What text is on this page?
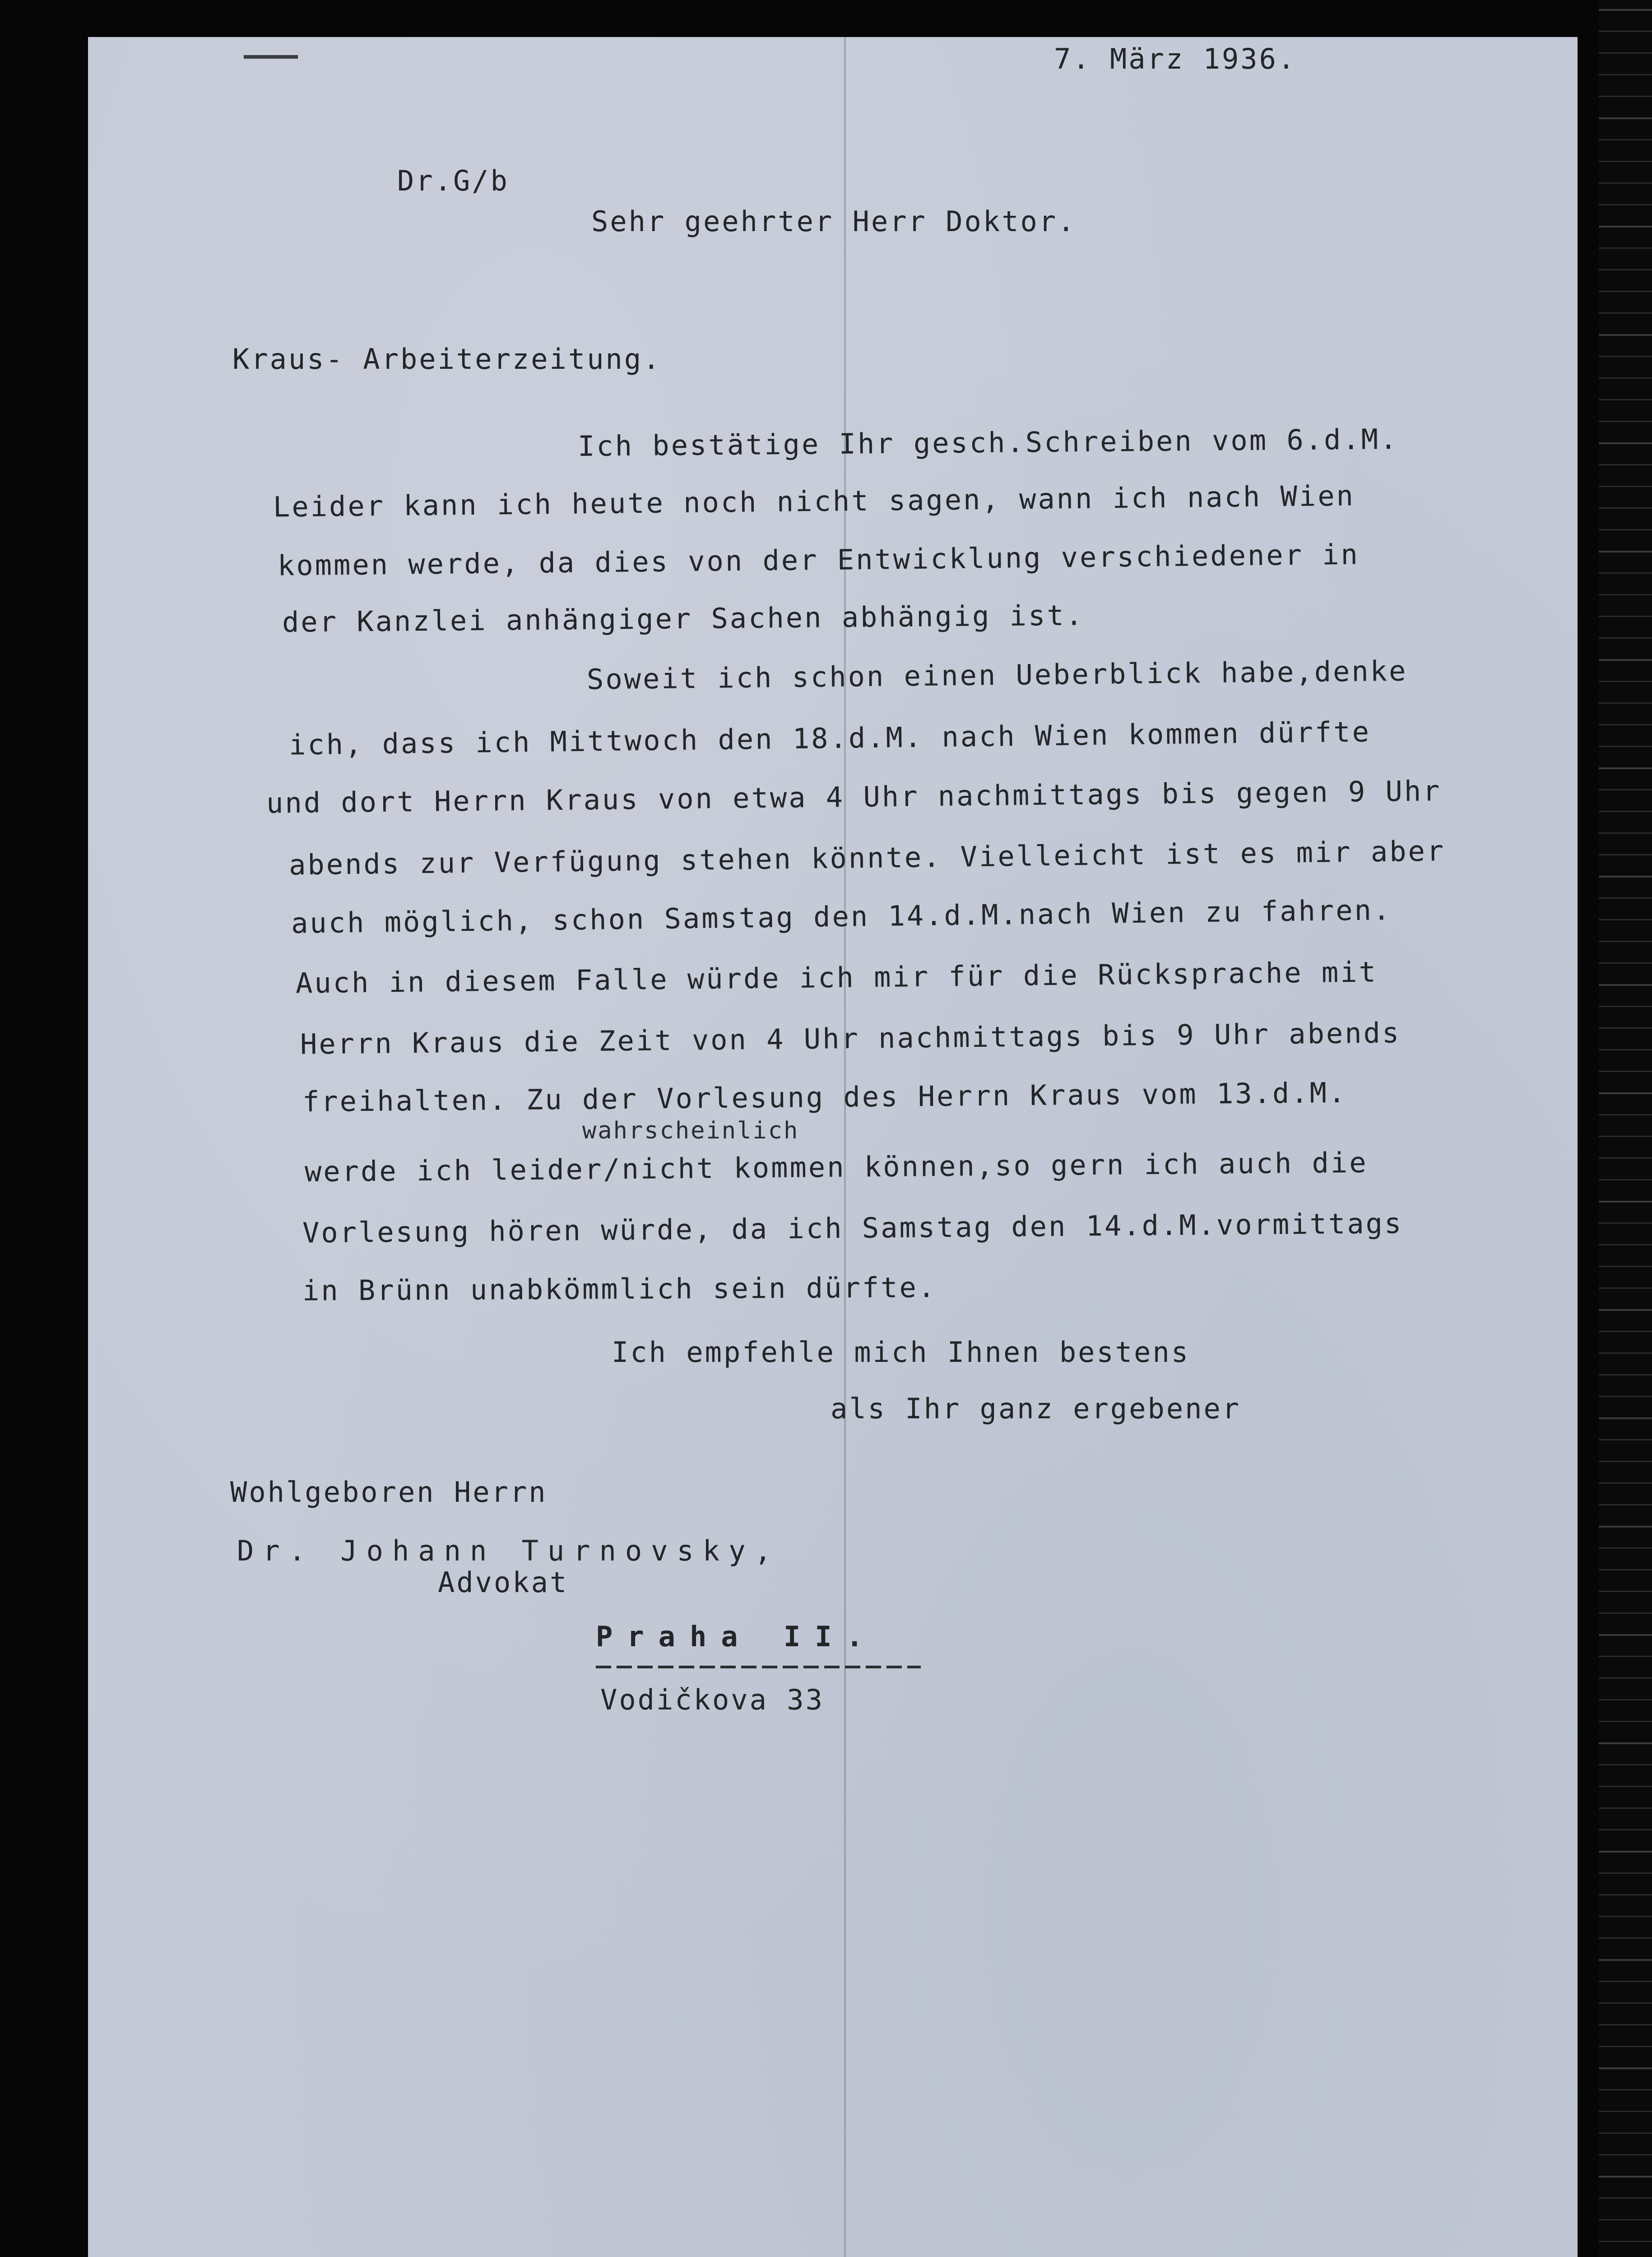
7. März 1936.
Dr.G/b
Sehr geehrter Herr Doktor.
Kraus- Arbeiterzeitung.
Ich bestätige Ihr gesch.Schreiben vom 6.d.M.
Leider kann ich heute noch nicht sagen, wann ich nach Wien
kommen werde, da dies von der Entwicklung verschiedener in
der Kanzlei anhängiger Sachen abhängig ist.
Soweit ich schon einen Ueberblick habe,denke
ich, dass ich Mittwoch den 18.d.M. nach Wien kommen dürfte
und dort Herrn Kraus von etwa 4 Uhr nachmittags bis gegen 9 Uhr
abends zur Verfügung stehen könnte. Vielleicht ist es mir aber
auch möglich, schon Samstag den 14.d.M.nach Wien zu fahren.
Auch in diesem Falle würde ich mir für die Rücksprache mit
Herrn Kraus die Zeit von 4 Uhr nachmittags bis 9 Uhr abends
freihalten. Zu der Vorlesung des Herrn Kraus vom 13.d.M.
wahrscheinlich
werde ich leider/nicht kommen können,so gern ich auch die
Vorlesung hören würde, da ich Samstag den 14.d.M.vormittags
in Brünn unabkömmlich sein dürfte.
Ich empfehle mich Ihnen bestens
als Ihr ganz ergebener
Wohlgeboren Herrn
Dr. Johann Turnovsky,
Advokat
Praha II.
Vodičkova 33
